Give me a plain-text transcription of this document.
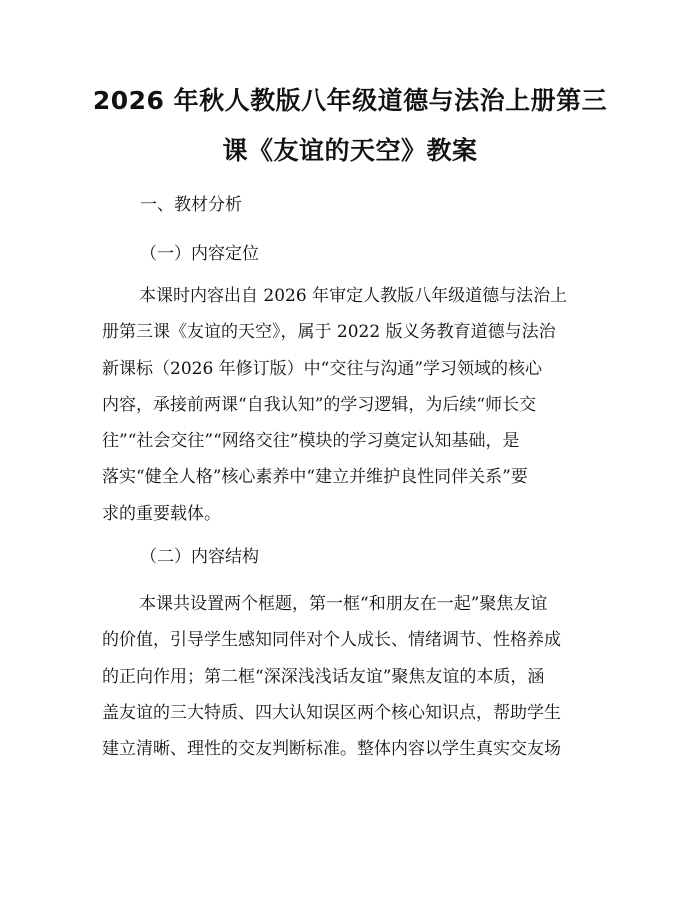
2026 年秋人教版八年级道德与法治上册第三
课《友谊的天空》教案
一、教材分析
（一）内容定位
本课时内容出自 2026 年审定人教版八年级道德与法治上
册第三课《友谊的天空》，属于 2022 版义务教育道德与法治
新课标（2026 年修订版）中“交往与沟通”学习领域的核心
内容，承接前两课“自我认知”的学习逻辑，为后续“师长交
往”“社会交往”“网络交往”模块的学习奠定认知基础，是
落实“健全人格”核心素养中“建立并维护良性同伴关系”要
求的重要载体。
（二）内容结构
本课共设置两个框题，第一框“和朋友在一起”聚焦友谊
的价值，引导学生感知同伴对个人成长、情绪调节、性格养成
的正向作用；第二框“深深浅浅话友谊”聚焦友谊的本质，涵
盖友谊的三大特质、四大认知误区两个核心知识点，帮助学生
建立清晰、理性的交友判断标准。整体内容以学生真实交友场
